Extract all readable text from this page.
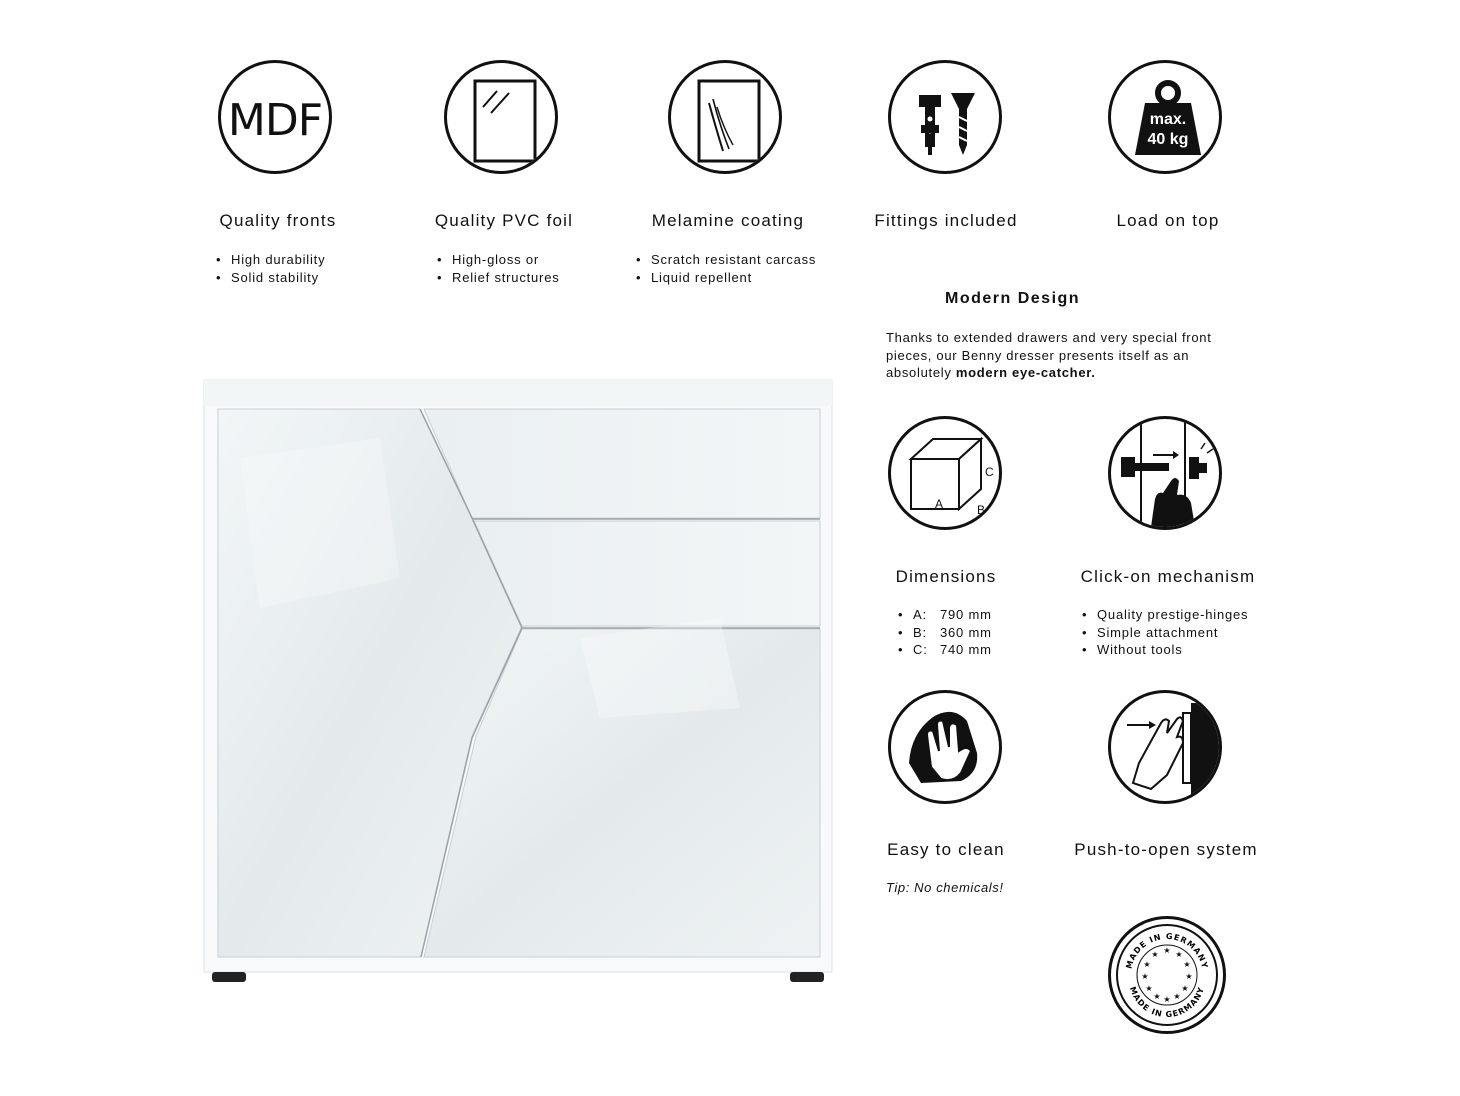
MDF
Quality fronts
• High durability
• Solid stability
Quality PVC foil
• High-gloss or
• Relief structures
Melamine coating
• Scratch resistant carcass
• Liquid repellent
Fittings included
max.
40 kg
Load on top
Modern Design
Thanks to extended drawers and very special front pieces, our Benny dresser presents itself as an absolutely modern eye-catcher.
A	B
C
Dimensions
• A: 790 mm
• B: 360 mm
• C: 740 mm
Click-on mechanism
• Quality prestige-hinges
• Simple attachment
• Without tools
Easy to clean
Tip: No chemicals!
Push-to-open system
MADE IN GERMANY
MADE IN GERMANY
★ ★
★
★
★
★
★
★
★
★
★
★
